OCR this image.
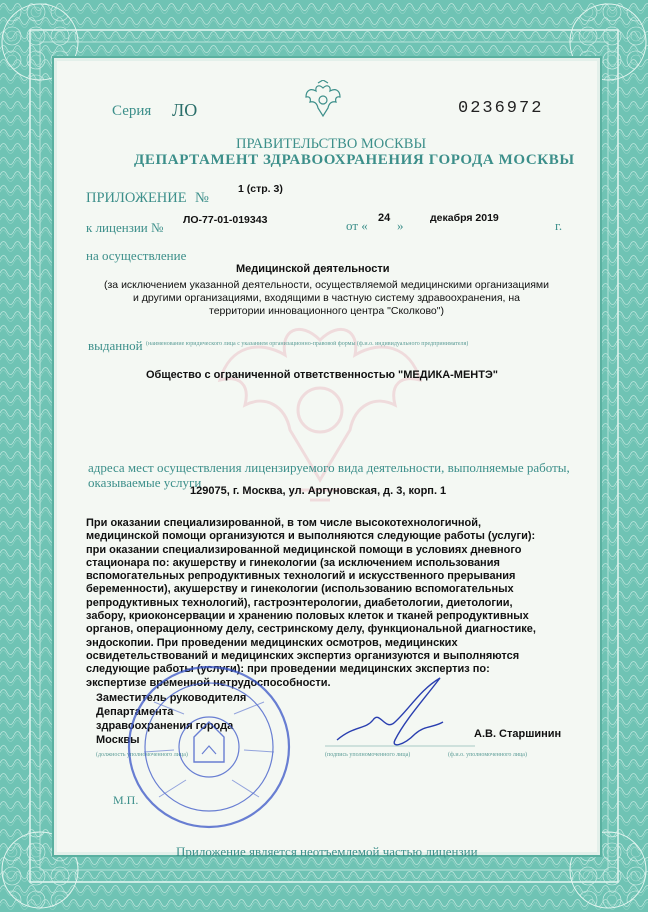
Серия ЛО	0236972
ПРАВИТЕЛЬСТВО МОСКВЫ
ДЕПАРТАМЕНТ ЗДРАВООХРАНЕНИЯ ГОРОДА МОСКВЫ
ПРИЛОЖЕНИЕ №
1 (стр. 3)
к лицензии № ЛО-77-01-019343	от « 24 »	декабря 2019	г.
на осуществление
Медицинской деятельности
(за исключением указанной деятельности, осуществляемой медицинскими организациями
и другими организациями, входящими в частную систему здравоохранения, на
территории инновационного центра "Сколково")
выданной (наименование юридического лица с указанием организационно-правовой формы (ф.и.о. индивидуального предпринимателя)
Общество с ограниченной ответственностью "МЕДИКА-МЕНТЭ"
адреса мест осуществления лицензируемого вида деятельности, выполняемые работы,
оказываемые услуги
129075, г. Москва, ул. Аргуновская, д. 3, корп. 1
При оказании специализированной, в том числе высокотехнологичной,
медицинской помощи организуются и выполняются следующие работы (услуги):
при оказании специализированной медицинской помощи в условиях дневного
стационара по: акушерству и гинекологии (за исключением использования
вспомогательных репродуктивных технологий и искусственного прерывания
беременности), акушерству и гинекологии (использованию вспомогательных
репродуктивных технологий), гастроэнтерологии, диабетологии, диетологии,
забору, криоконсервации и хранению половых клеток и тканей репродуктивных
органов, операционному делу, сестринскому делу, функциональной диагностике,
эндоскопии. При проведении медицинских осмотров, медицинских
освидетельствований и медицинских экспертиз организуются и выполняются
следующие работы (услуги): при проведении медицинских экспертиз по:
экспертизе временной нетрудоспособности.
Заместитель руководителя
Департамента
здравоохранения города
Москвы
(должность уполномоченного лица)	(подпись уполномоченного лица)	(ф.и.о. уполномоченного лица)
А.В. Старшинин
М.П.
Приложение является неотъемлемой частью лицензии
